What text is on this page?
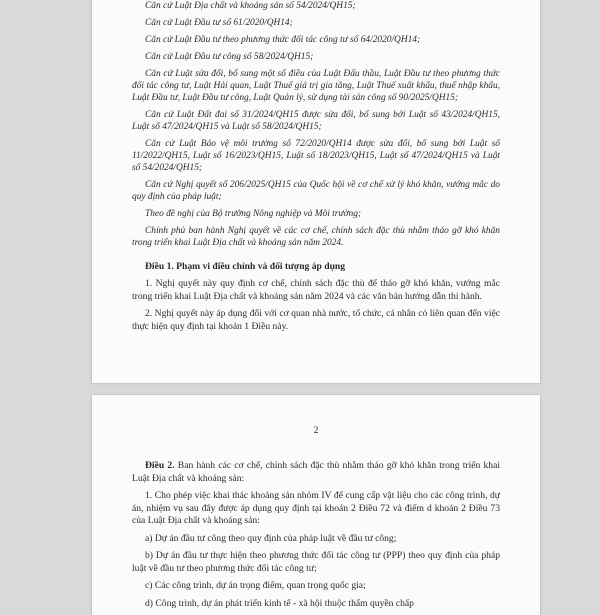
Căn cứ Luật Địa chất và khoáng sản số 54/2024/QH15;

Căn cứ Luật Đầu tư số 61/2020/QH14;

Căn cứ Luật Đầu tư theo phương thức đối tác công tư số 64/2020/QH14;

Căn cứ Luật Đầu tư công số 58/2024/QH15;

Căn cứ Luật sửa đổi, bổ sung một số điều của Luật Đấu thầu, Luật Đầu tư theo phương thức đối tác công tư, Luật Hải quan, Luật Thuế giá trị gia tăng, Luật Thuế xuất khẩu, thuế nhập khẩu, Luật Đầu tư, Luật Đầu tư công, Luật Quản lý, sử dụng tài sản công số 90/2025/QH15;

Căn cứ Luật Đất đai số 31/2024/QH15 được sửa đổi, bổ sung bởi Luật số 43/2024/QH15, Luật số 47/2024/QH15 và Luật số 58/2024/QH15;

Căn cứ Luật Bảo vệ môi trường số 72/2020/QH14 được sửa đổi, bổ sung bởi Luật số 11/2022/QH15, Luật số 16/2023/QH15, Luật số 18/2023/QH15, Luật số 47/2024/QH15 và Luật số 54/2024/QH15;

Căn cứ Nghị quyết số 206/2025/QH15 của Quốc hội về cơ chế xử lý khó khăn, vướng mắc do quy định của pháp luật;

Theo đề nghị của Bộ trưởng Nông nghiệp và Môi trường;

Chính phủ ban hành Nghị quyết về các cơ chế, chính sách đặc thù nhằm tháo gỡ khó khăn trong triển khai Luật Địa chất và khoáng sản năm 2024.

Điều 1. Phạm vi điều chỉnh và đối tượng áp dụng

1. Nghị quyết này quy định cơ chế, chính sách đặc thù để tháo gỡ khó khăn, vướng mắc trong triển khai Luật Địa chất và khoáng sản năm 2024 và các văn bản hướng dẫn thi hành.

2. Nghị quyết này áp dụng đối với cơ quan nhà nước, tổ chức, cá nhân có liên quan đến việc thực hiện quy định tại khoản 1 Điều này.

2

Điều 2. Ban hành các cơ chế, chính sách đặc thù nhằm tháo gỡ khó khăn trong triển khai Luật Địa chất và khoáng sản:

1. Cho phép việc khai thác khoáng sản nhóm IV để cung cấp vật liệu cho các công trình, dự án, nhiệm vụ sau đây được áp dụng quy định tại khoản 2 Điều 72 và điểm d khoản 2 Điều 73 của Luật Địa chất và khoáng sản:

a) Dự án đầu tư công theo quy định của pháp luật về đầu tư công;

b) Dự án đầu tư thực hiện theo phương thức đối tác công tư (PPP) theo quy định của pháp luật về đầu tư theo phương thức đối tác công tư;

c) Các công trình, dự án trọng điểm, quan trọng quốc gia;

d) Công trình, dự án phát triển kinh tế - xã hội thuộc thẩm quyền chấp
